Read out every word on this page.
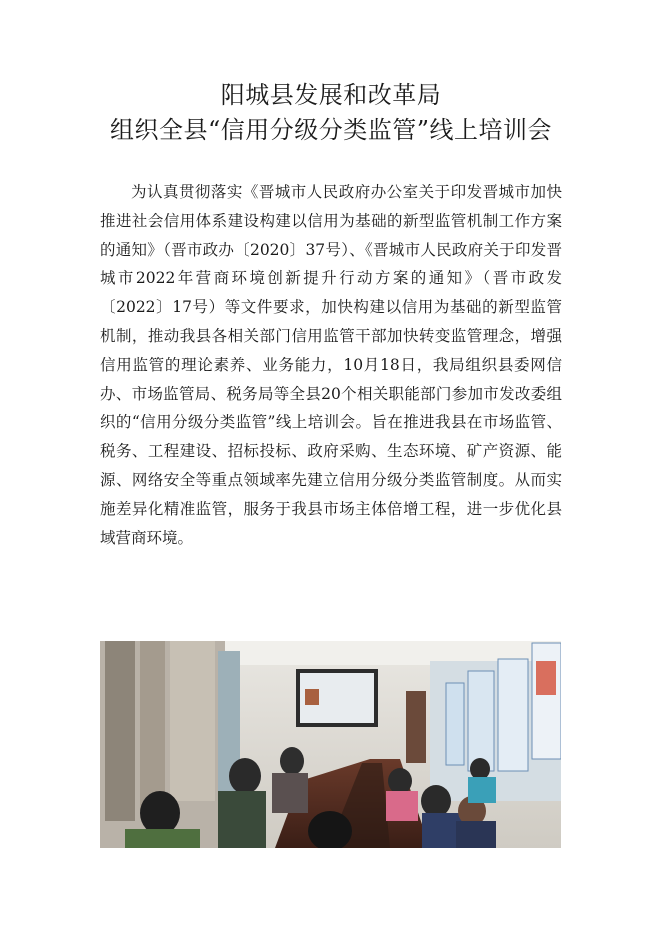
阳城县发展和改革局
组织全县“信用分级分类监管”线上培训会

为认真贯彻落实《晋城市人民政府办公室关于印发晋城市加快推进社会信用体系建设构建以信用为基础的新型监管机制工作方案的通知》（晋市政办〔2020〕37号）、《晋城市人民政府关于印发晋城市2022年营商环境创新提升行动方案的通知》（晋市政发〔2022〕17号）等文件要求，加快构建以信用为基础的新型监管机制，推动我县各相关部门信用监管干部加快转变监管理念，增强信用监管的理论素养、业务能力，10月18日，我局组织县委网信办、市场监管局、税务局等全县20个相关职能部门参加市发改委组织的“信用分级分类监管”线上培训会。旨在推进我县在市场监管、税务、工程建设、招标投标、政府采购、生态环境、矿产资源、能源、网络安全等重点领域率先建立信用分级分类监管制度。从而实施差异化精准监管，服务于我县市场主体倍增工程，进一步优化县域营商环境。
